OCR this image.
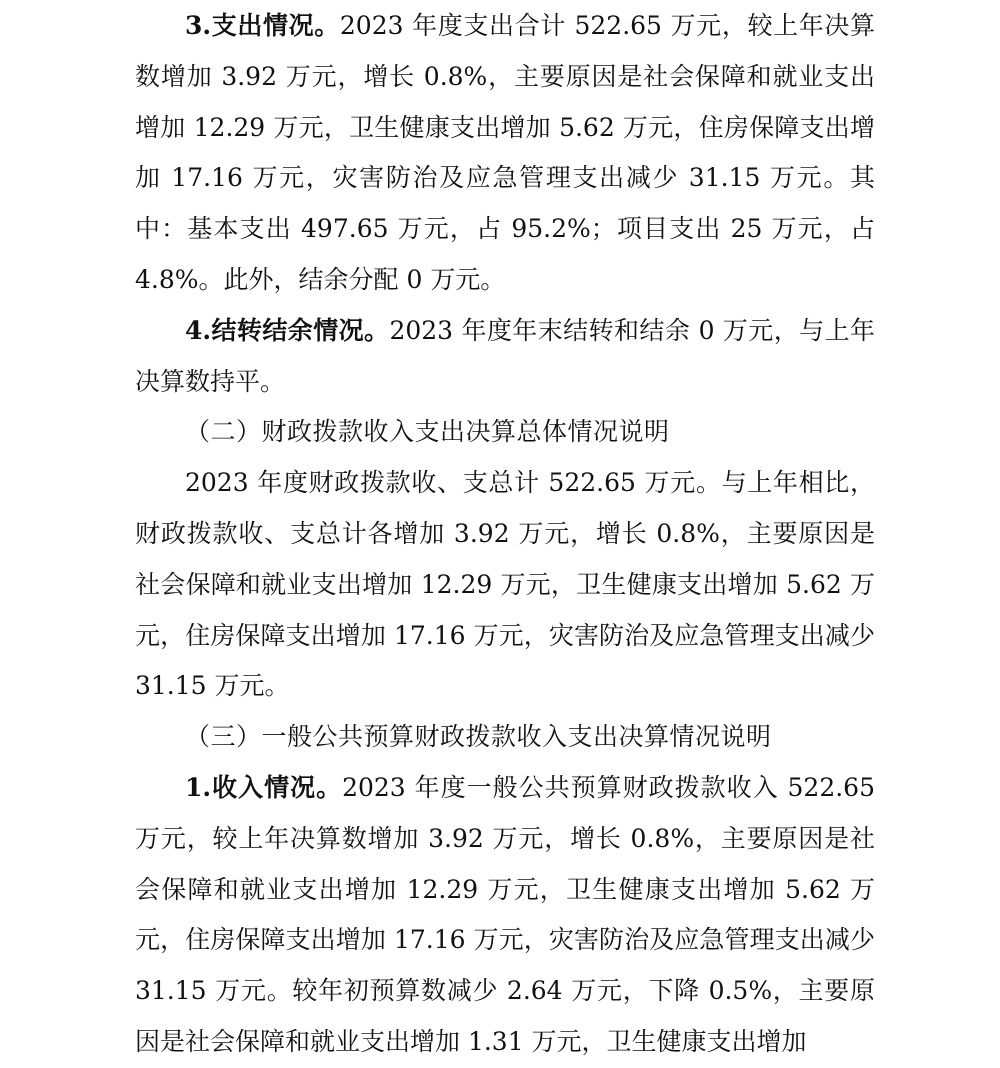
3.支出情况。2023 年度支出合计 522.65 万元，较上年决算数增加 3.92 万元，增长 0.8%，主要原因是社会保障和就业支出增加 12.29 万元，卫生健康支出增加 5.62 万元，住房保障支出增加 17.16 万元，灾害防治及应急管理支出减少 31.15 万元。其中：基本支出 497.65 万元，占 95.2%；项目支出 25 万元，占 4.8%。此外，结余分配 0 万元。

4.结转结余情况。2023 年度年末结转和结余 0 万元，与上年决算数持平。

（二）财政拨款收入支出决算总体情况说明

2023 年度财政拨款收、支总计 522.65 万元。与上年相比，财政拨款收、支总计各增加 3.92 万元，增长 0.8%，主要原因是社会保障和就业支出增加 12.29 万元，卫生健康支出增加 5.62 万元，住房保障支出增加 17.16 万元，灾害防治及应急管理支出减少 31.15 万元。

（三）一般公共预算财政拨款收入支出决算情况说明

1.收入情况。2023 年度一般公共预算财政拨款收入 522.65 万元，较上年决算数增加 3.92 万元，增长 0.8%，主要原因是社会保障和就业支出增加 12.29 万元，卫生健康支出增加 5.62 万元，住房保障支出增加 17.16 万元，灾害防治及应急管理支出减少 31.15 万元。较年初预算数减少 2.64 万元，下降 0.5%，主要原因是社会保障和就业支出增加 1.31 万元，卫生健康支出增加
